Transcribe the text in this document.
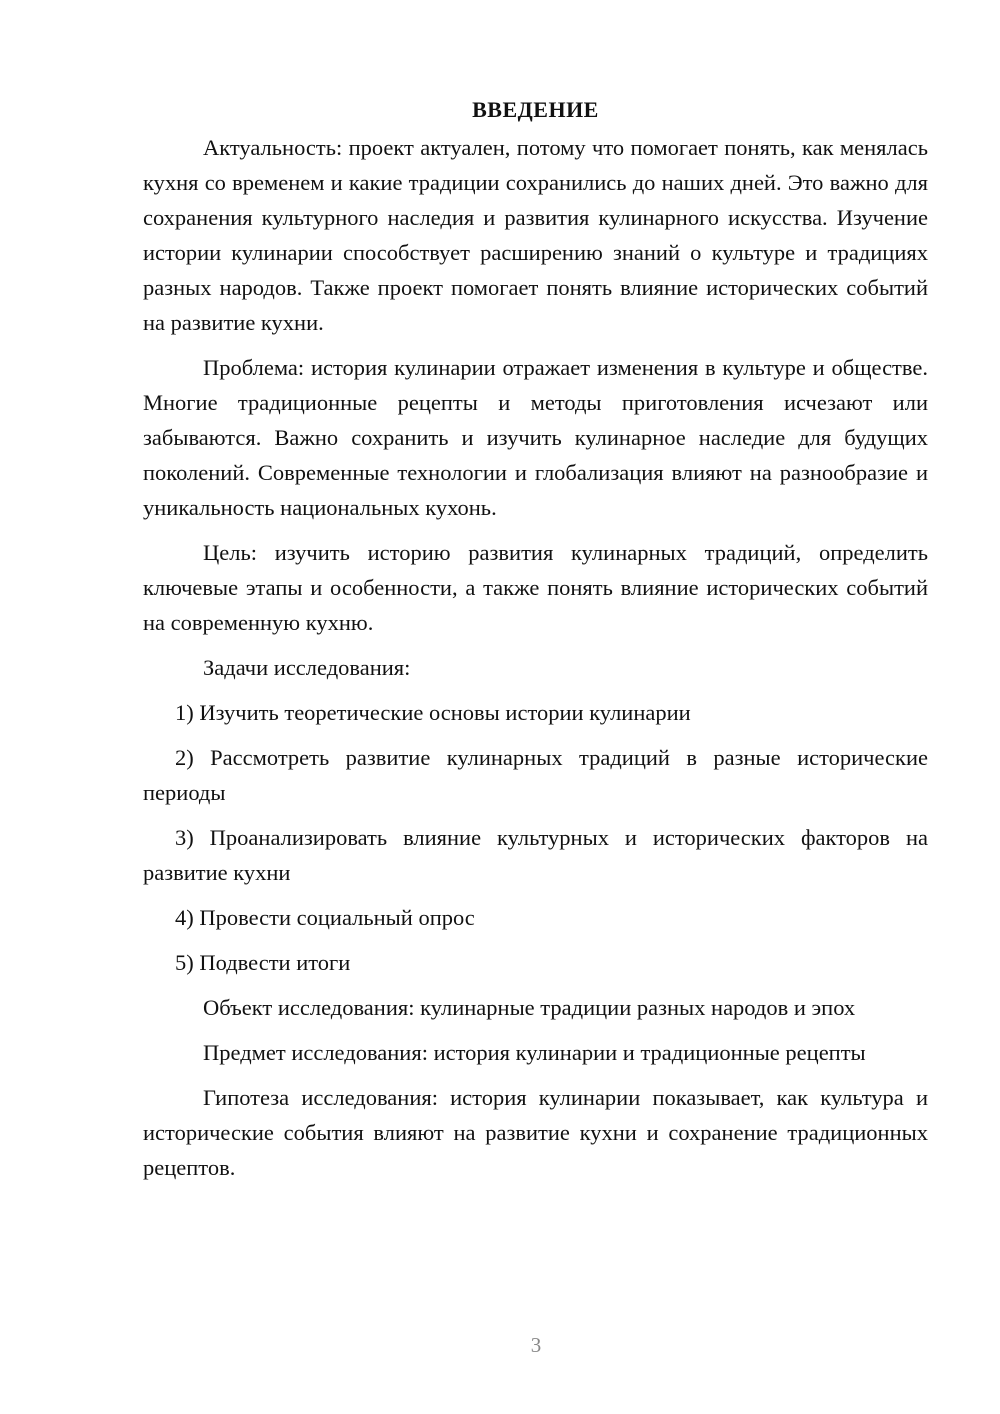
ВВЕДЕНИЕ

Актуальность: проект актуален, потому что помогает понять, как менялась кухня со временем и какие традиции сохранились до наших дней. Это важно для сохранения культурного наследия и развития кулинарного искусства. Изучение истории кулинарии способствует расширению знаний о культуре и традициях разных народов. Также проект помогает понять влияние исторических событий на развитие кухни.

Проблема: история кулинарии отражает изменения в культуре и обществе. Многие традиционные рецепты и методы приготовления исчезают или забываются. Важно сохранить и изучить кулинарное наследие для будущих поколений. Современные технологии и глобализация влияют на разнообразие и уникальность национальных кухонь.

Цель: изучить историю развития кулинарных традиций, определить ключевые этапы и особенности, а также понять влияние исторических событий на современную кухню.

Задачи исследования:

1) Изучить теоретические основы истории кулинарии

2) Рассмотреть развитие кулинарных традиций в разные исторические периоды

3) Проанализировать влияние культурных и исторических факторов на развитие кухни

4) Провести социальный опрос

5) Подвести итоги

Объект исследования: кулинарные традиции разных народов и эпох

Предмет исследования: история кулинарии и традиционные рецепты

Гипотеза исследования: история кулинарии показывает, как культура и исторические события влияют на развитие кухни и сохранение традиционных рецептов.

3
